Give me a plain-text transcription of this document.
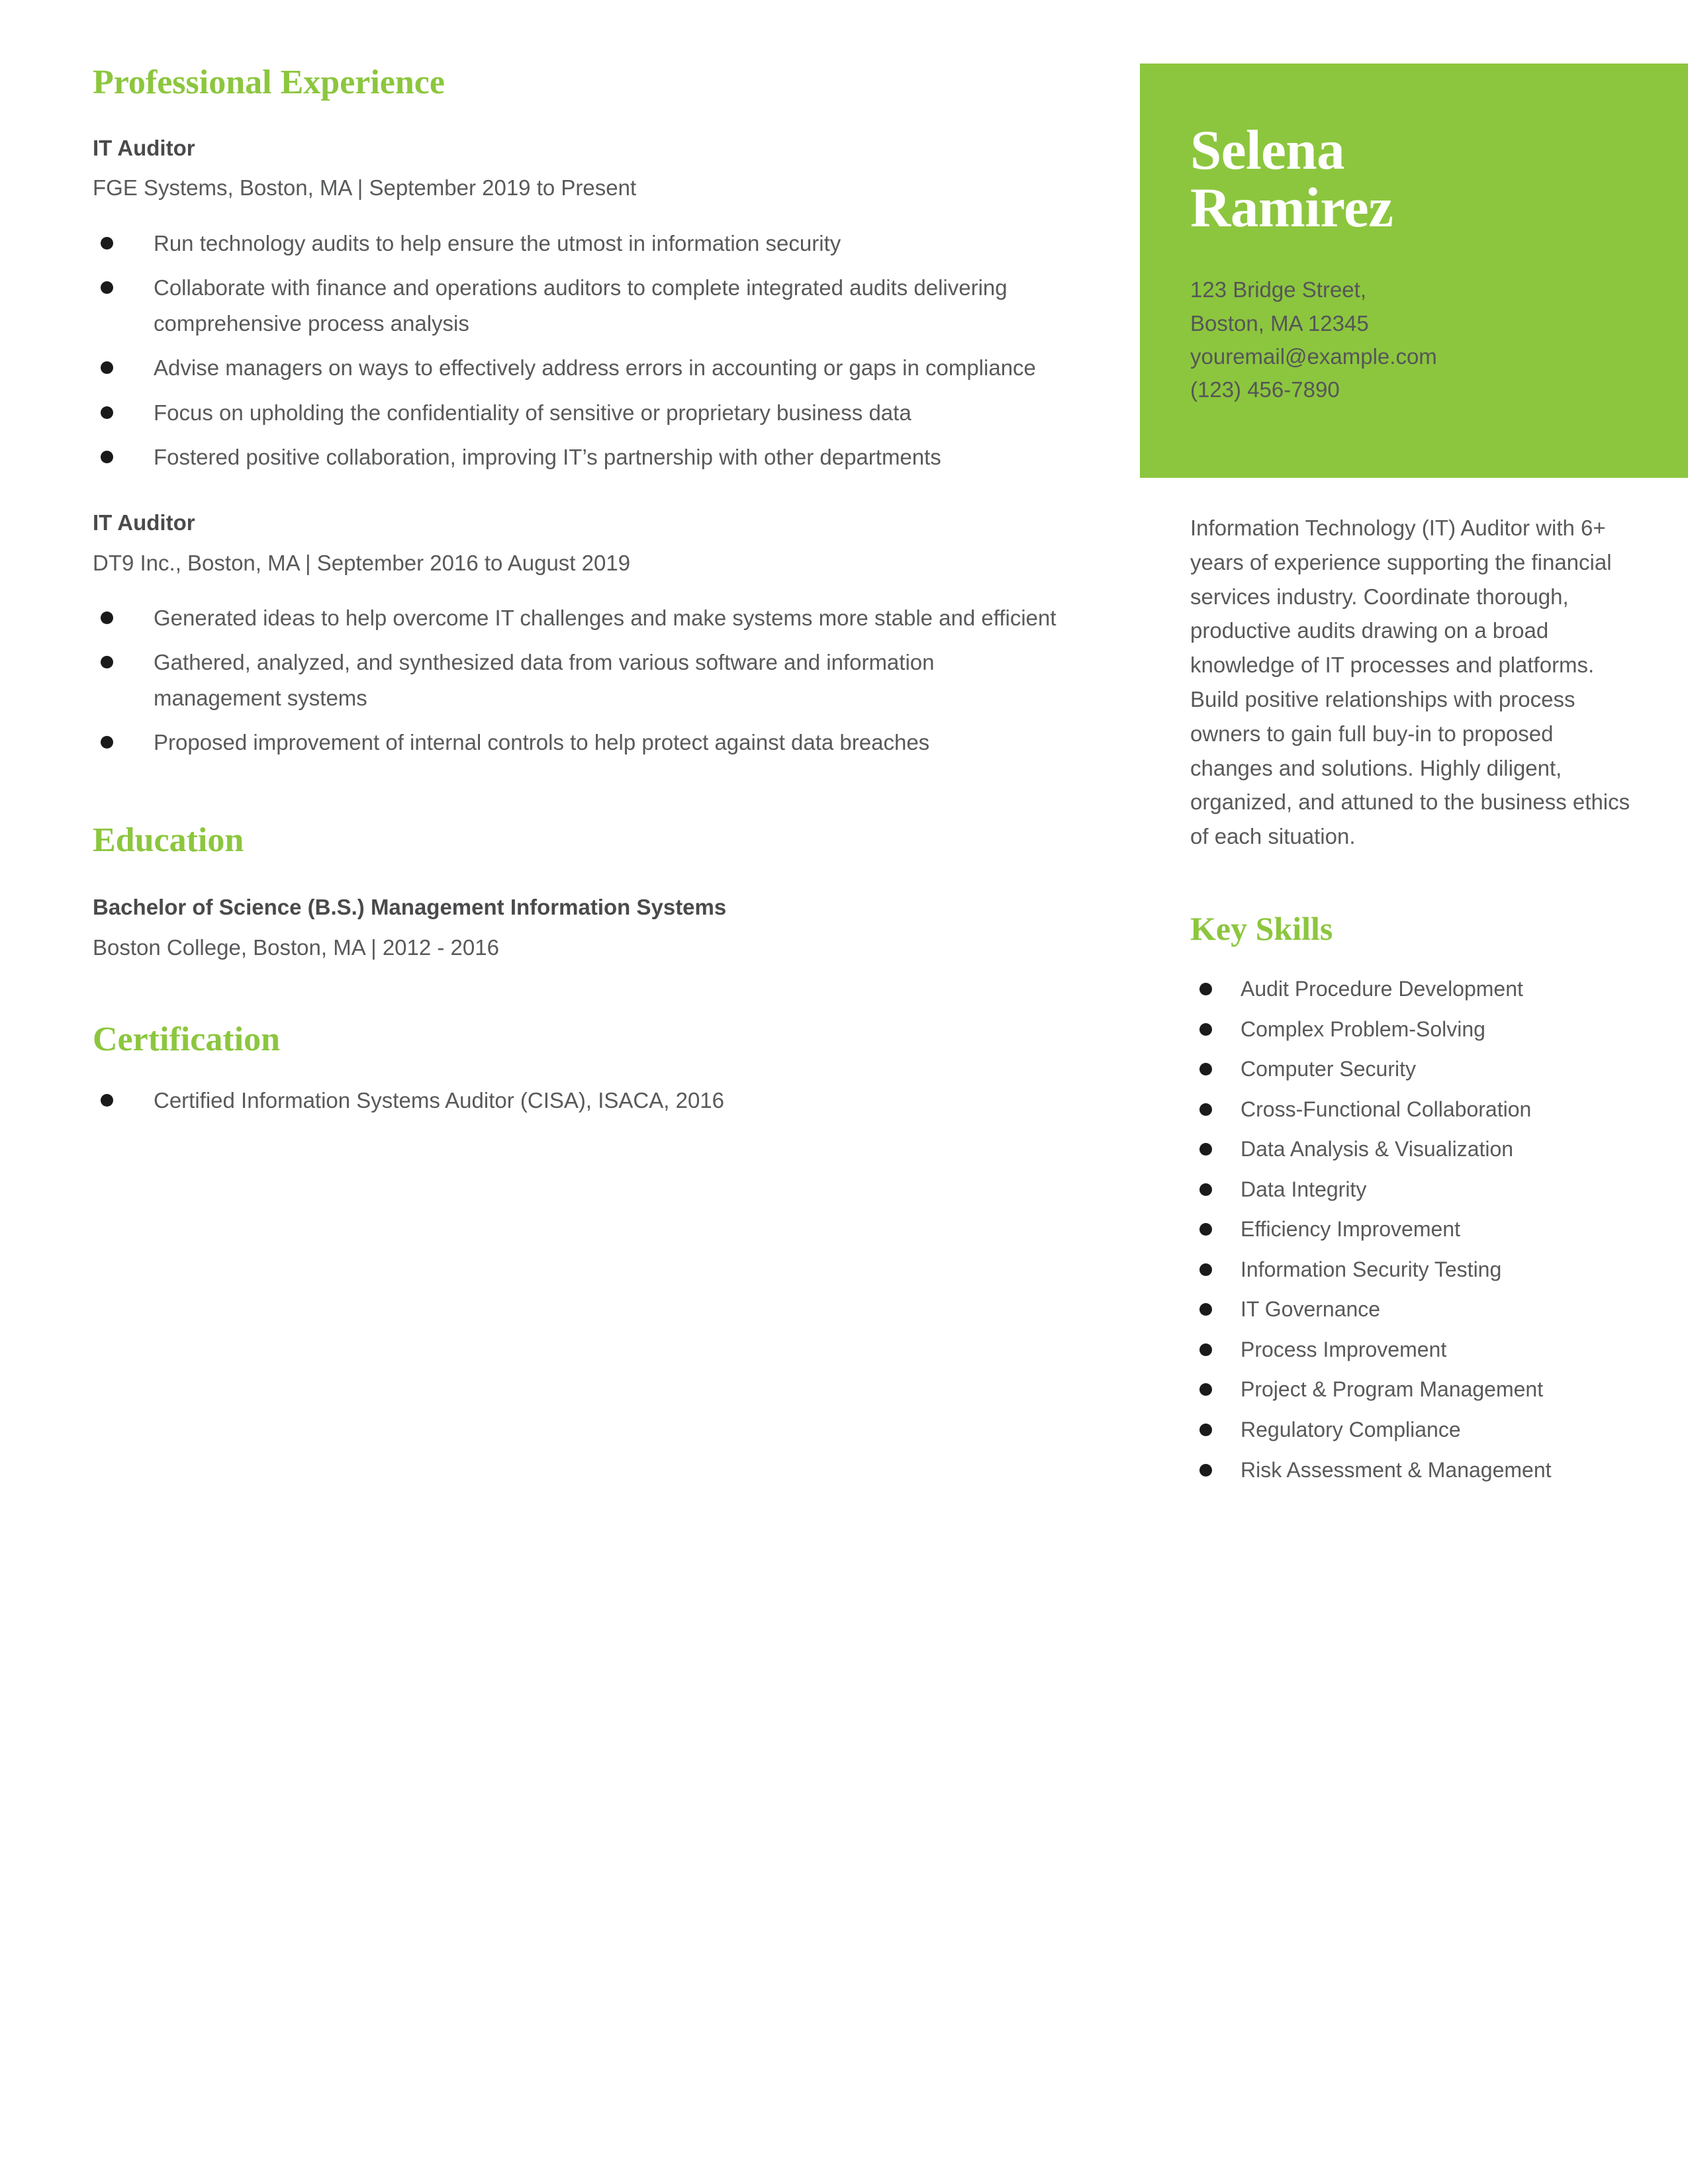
Professional Experience
IT Auditor
FGE Systems, Boston, MA | September 2019 to Present
Run technology audits to help ensure the utmost in information security
Collaborate with finance and operations auditors to complete integrated audits delivering comprehensive process analysis
Advise managers on ways to effectively address errors in accounting or gaps in compliance
Focus on upholding the confidentiality of sensitive or proprietary business data
Fostered positive collaboration, improving IT’s partnership with other departments
IT Auditor
DT9 Inc., Boston, MA | September 2016 to August 2019
Generated ideas to help overcome IT challenges and make systems more stable and efficient
Gathered, analyzed, and synthesized data from various software and information management systems
Proposed improvement of internal controls to help protect against data breaches
Education
Bachelor of Science (B.S.) Management Information Systems
Boston College, Boston, MA | 2012 - 2016
Certification
Certified Information Systems Auditor (CISA), ISACA, 2016
Selena
Ramirez
123 Bridge Street,
Boston, MA 12345
youremail@example.com
(123) 456-7890

Information Technology (IT) Auditor with 6+ years of experience supporting the financial services industry. Coordinate thorough, productive audits drawing on a broad knowledge of IT processes and platforms. Build positive relationships with process owners to gain full buy-in to proposed changes and solutions. Highly diligent, organized, and attuned to the business ethics of each situation.

Key Skills
Audit Procedure Development
Complex Problem-Solving
Computer Security
Cross-Functional Collaboration
Data Analysis & Visualization
Data Integrity
Efficiency Improvement
Information Security Testing
IT Governance
Process Improvement
Project & Program Management
Regulatory Compliance
Risk Assessment & Management
